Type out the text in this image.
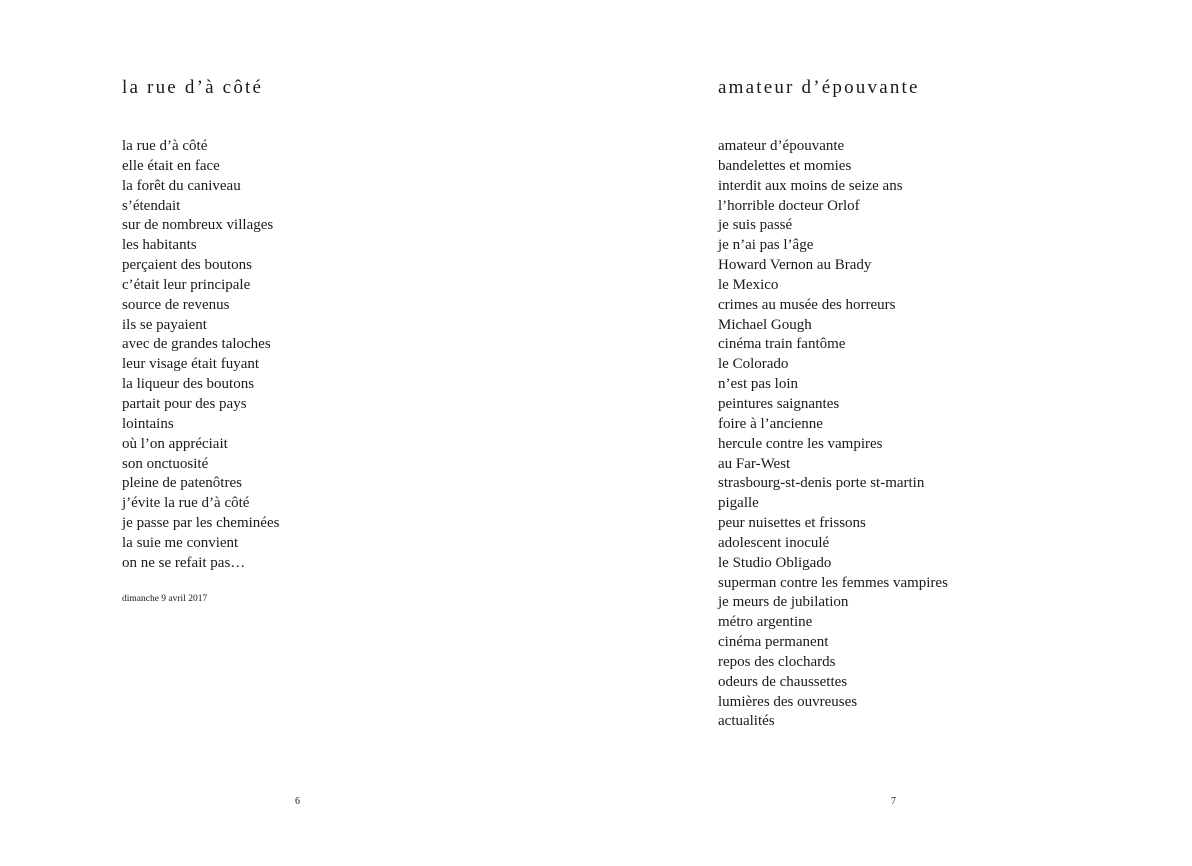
la rue d’à côté
la rue d’à côté
elle était en face
la forêt du caniveau
s’étendait
sur de nombreux villages
les habitants
perçaient des boutons
c’était leur principale
source de revenus
ils se payaient
avec de grandes taloches
leur visage était fuyant
la liqueur des boutons
partait pour des pays
lointains
où l’on appréciait
son onctuosité
pleine de patenôtres
j’évite la rue d’à côté
je passe par les cheminées
la suie me convient
on ne se refait pas…
dimanche 9 avril 2017
6
amateur d’épouvante
amateur d’épouvante
bandelettes et momies
interdit aux moins de seize ans
l’horrible docteur Orlof
je suis passé
je n’ai pas l’âge
Howard Vernon au Brady
le Mexico
crimes au musée des horreurs
Michael Gough
cinéma train fantôme
le Colorado
n’est pas loin
peintures saignantes
foire à l’ancienne
hercule contre les vampires
au Far-West
strasbourg-st-denis porte st-martin
pigalle
peur nuisettes et frissons
adolescent inoculé
le Studio Obligado
superman contre les femmes vampires
je meurs de jubilation
métro argentine
cinéma permanent
repos des clochards
odeurs de chaussettes
lumières des ouvreuses
actualités
7
